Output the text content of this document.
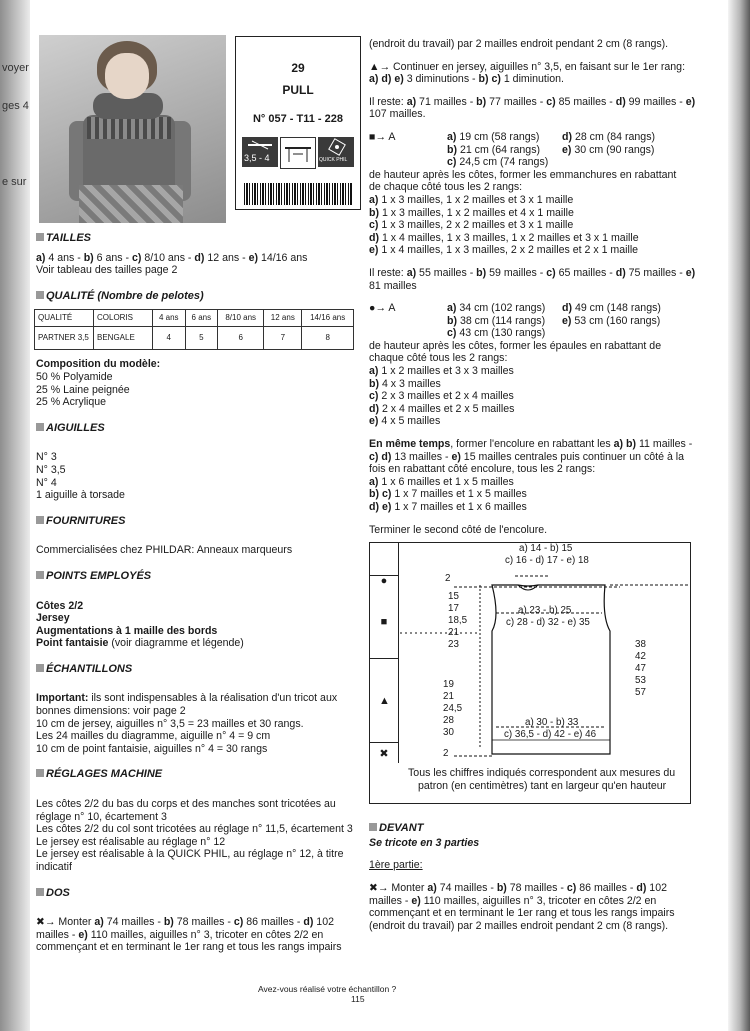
voyer
ges 4
e sur
29
PULL
N° 057 - T11 - 228
3,5 - 4	QUICK PHIL
TAILLES

a) 4 ans - b) 6 ans - c) 8/10 ans - d) 12 ans - e) 14/16 ans

Voir tableau des tailles page 2

QUALITÉ (Nombre de pelotes)
QUALITÉ	COLORIS	4 ans	6 ans	8/10 ans	12 ans	14/16 ans
PARTNER 3,5	BENGALE	4	5	6	7	8

Composition du modèle:

50 % Polyamide

25 % Laine peignée

25 % Acrylique

AIGUILLES

N° 3

N° 3,5

N° 4

1 aiguille à torsade

FOURNITURES

Commercialisées chez PHILDAR: Anneaux marqueurs

POINTS EMPLOYÉS

Côtes 2/2

Jersey

Augmentations à 1 maille des bords

Point fantaisie (voir diagramme et légende)

ÉCHANTILLONS

Important: ils sont indispensables à la réalisation d'un tricot aux

bonnes dimensions: voir page 2

10 cm de jersey, aiguilles n° 3,5 = 23 mailles et 30 rangs.

Les 24 mailles du diagramme, aiguille n° 4 = 9 cm

10 cm de point fantaisie, aiguilles n° 4 = 30 rangs

RÉGLAGES MACHINE

Les côtes 2/2 du bas du corps et des manches sont tricotées au

réglage n° 10, écartement 3

Les côtes 2/2 du col sont tricotées au réglage n° 11,5, écartement 3

Le jersey est réalisable au réglage n° 12

Le jersey est réalisable à la QUICK PHIL, au réglage n° 12, à titre

indicatif

DOS

✖→ Monter a) 74 mailles - b) 78 mailles - c) 86 mailles - d) 102

mailles - e) 110 mailles, aiguilles n° 3, tricoter en côtes 2/2 en

commençant et en terminant le 1er rang et tous les rangs impairs

(endroit du travail) par 2 mailles endroit pendant 2 cm (8 rangs).

▲→ Continuer en jersey, aiguilles n° 3,5, en faisant sur le 1er rang:

a) d) e) 3 diminutions - b) c) 1 diminution.

Il reste: a) 71 mailles - b) 77 mailles - c) 85 mailles - d) 99 mailles - e)

107 mailles.

■→ A	a) 19 cm (58 rangs)	d) 28 cm (84 rangs)
b) 21 cm (64 rangs)	e) 30 cm (90 rangs)
c) 24,5 cm (74 rangs)

de hauteur après les côtes, former les emmanchures en rabattant

de chaque côté tous les 2 rangs:

a) 1 x 3 mailles, 1 x 2 mailles et 3 x 1 maille

b) 1 x 3 mailles, 1 x 2 mailles et 4 x 1 maille

c) 1 x 3 mailles, 2 x 2 mailles et 3 x 1 maille

d) 1 x 4 mailles, 1 x 3 mailles, 1 x 2 mailles et 3 x 1 maille

e) 1 x 4 mailles, 1 x 3 mailles, 2 x 2 mailles et 2 x 1 maille

Il reste: a) 55 mailles - b) 59 mailles - c) 65 mailles - d) 75 mailles - e)

81 mailles

●→ A	a) 34 cm (102 rangs)	d) 49 cm (148 rangs)
b) 38 cm (114 rangs)	e) 53 cm (160 rangs)
c) 43 cm (130 rangs)

de hauteur après les côtes, former les épaules en rabattant de

chaque côté tous les 2 rangs:

a) 1 x 2 mailles et 3 x 3 mailles

b) 4 x 3 mailles

c) 2 x 3 mailles et 2 x 4 mailles

d) 2 x 4 mailles et 2 x 5 mailles

e) 4 x 5 mailles

En même temps, former l'encolure en rabattant les a) b) 11 mailles -

c) d) 13 mailles - e) 15 mailles centrales puis continuer un côté à la

fois en rabattant côté encolure, tous les 2 rangs:

a) 1 x 6 mailles et 1 x 5 mailles

b) c) 1 x 7 mailles et 1 x 5 mailles

d) e) 1 x 7 mailles et 1 x 6 mailles

Terminer le second côté de l'encolure.

●
■
▲
✖
a) 14 - b) 15
c) 16 - d) 17 - e) 18
2
a) 23 - b) 25
c) 28 - d) 32 - e) 35
15
17
18,5
21
23
19
21
24,5
28
30
38
42
47
53
57
a) 30 - b) 33
c) 36,5 - d) 42 - e) 46
2
Tous les chiffres indiqués correspondent aux mesures du
patron (en centimètres) tant en largeur qu'en hauteur
DEVANT

Se tricote en 3 parties

1ère partie:

✖→ Monter a) 74 mailles - b) 78 mailles - c) 86 mailles - d) 102

mailles - e) 110 mailles, aiguilles n° 3, tricoter en côtes 2/2 en

commençant et en terminant le 1er rang et tous les rangs impairs

(endroit du travail) par 2 mailles endroit pendant 2 cm (8 rangs).

Avez-vous réalisé votre échantillon ?
115
